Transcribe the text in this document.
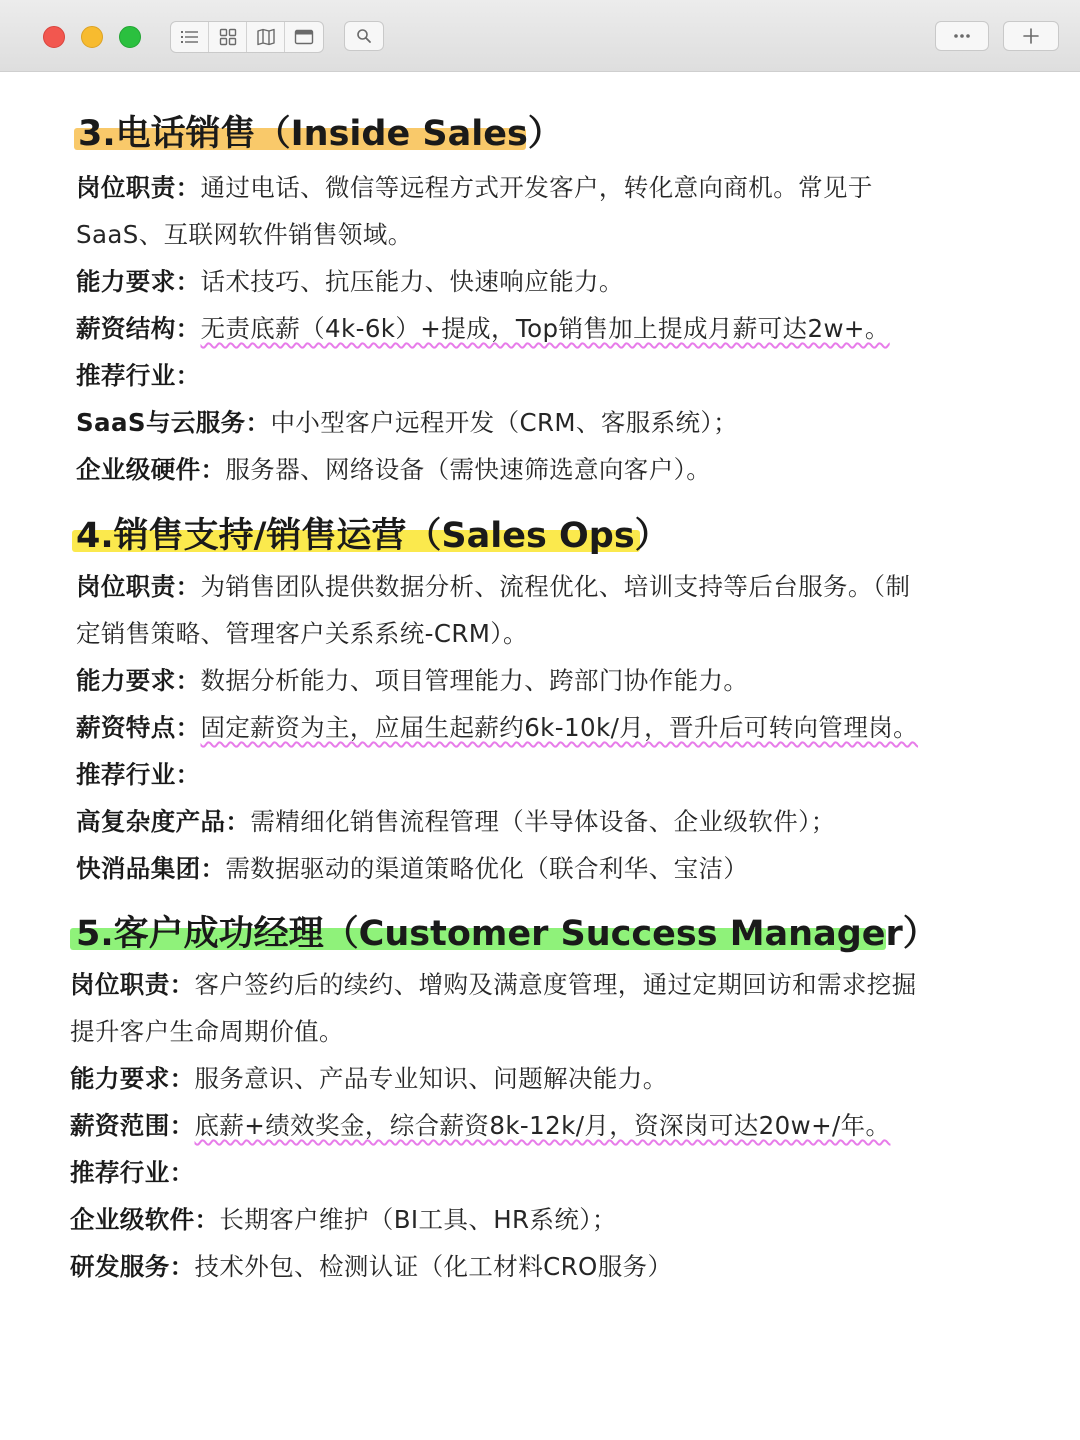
3.电话销售（Inside Sales）
岗位职责：通过电话、微信等远程方式开发客户，转化意向商机。常见于
SaaS、互联网软件销售领域。
能力要求：话术技巧、抗压能力、快速响应能力。
薪资结构：无责底薪（4k-6k）+提成，Top销售加上提成月薪可达2w+。
推荐行业：
SaaS与云服务：中小型客户远程开发（CRM、客服系统）；
企业级硬件：服务器、网络设备（需快速筛选意向客户）。
4.销售支持/销售运营（Sales Ops）
岗位职责：为销售团队提供数据分析、流程优化、培训支持等后台服务。（制
定销售策略、管理客户关系系统-CRM）。
能力要求：数据分析能力、项目管理能力、跨部门协作能力。
薪资特点：固定薪资为主，应届生起薪约6k-10k/月，晋升后可转向管理岗。
推荐行业：
高复杂度产品：需精细化销售流程管理（半导体设备、企业级软件）；
快消品集团：需数据驱动的渠道策略优化（联合利华、宝洁）
5.客户成功经理（Customer Success Manager）
岗位职责：客户签约后的续约、增购及满意度管理，通过定期回访和需求挖掘
提升客户生命周期价值。
能力要求：服务意识、产品专业知识、问题解决能力。
薪资范围：底薪+绩效奖金，综合薪资8k-12k/月，资深岗可达20w+/年。
推荐行业：
企业级软件：长期客户维护（BI工具、HR系统）；
研发服务：技术外包、检测认证（化工材料CRO服务）
